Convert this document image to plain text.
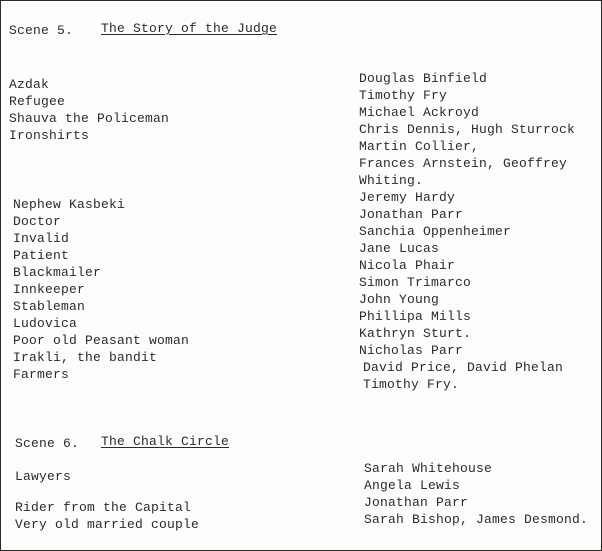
Scene 5. The Story of the Judge
Azdak
Refugee
Shauva the Policeman
Ironshirts
Nephew Kasbeki
Doctor
Invalid
Patient
Blackmailer
Innkeeper
Stableman
Ludovica
Poor old Peasant woman
Irakli, the bandit
Farmers
Douglas Binfield
Timothy Fry
Michael Ackroyd
Chris Dennis, Hugh Sturrock
Martin Collier,
Frances Arnstein, Geoffrey
Whiting.
Jeremy Hardy
Jonathan Parr
Sanchia Oppenheimer
Jane Lucas
Nicola Phair
Simon Trimarco
John Young
Phillipa Mills
Kathryn Sturt.
Nicholas Parr
David Price, David Phelan
Timothy Fry.
Scene 6. The Chalk Circle
Lawyers
Rider from the Capital
Very old married couple
Sarah Whitehouse
Angela Lewis
Jonathan Parr
Sarah Bishop, James Desmond.
